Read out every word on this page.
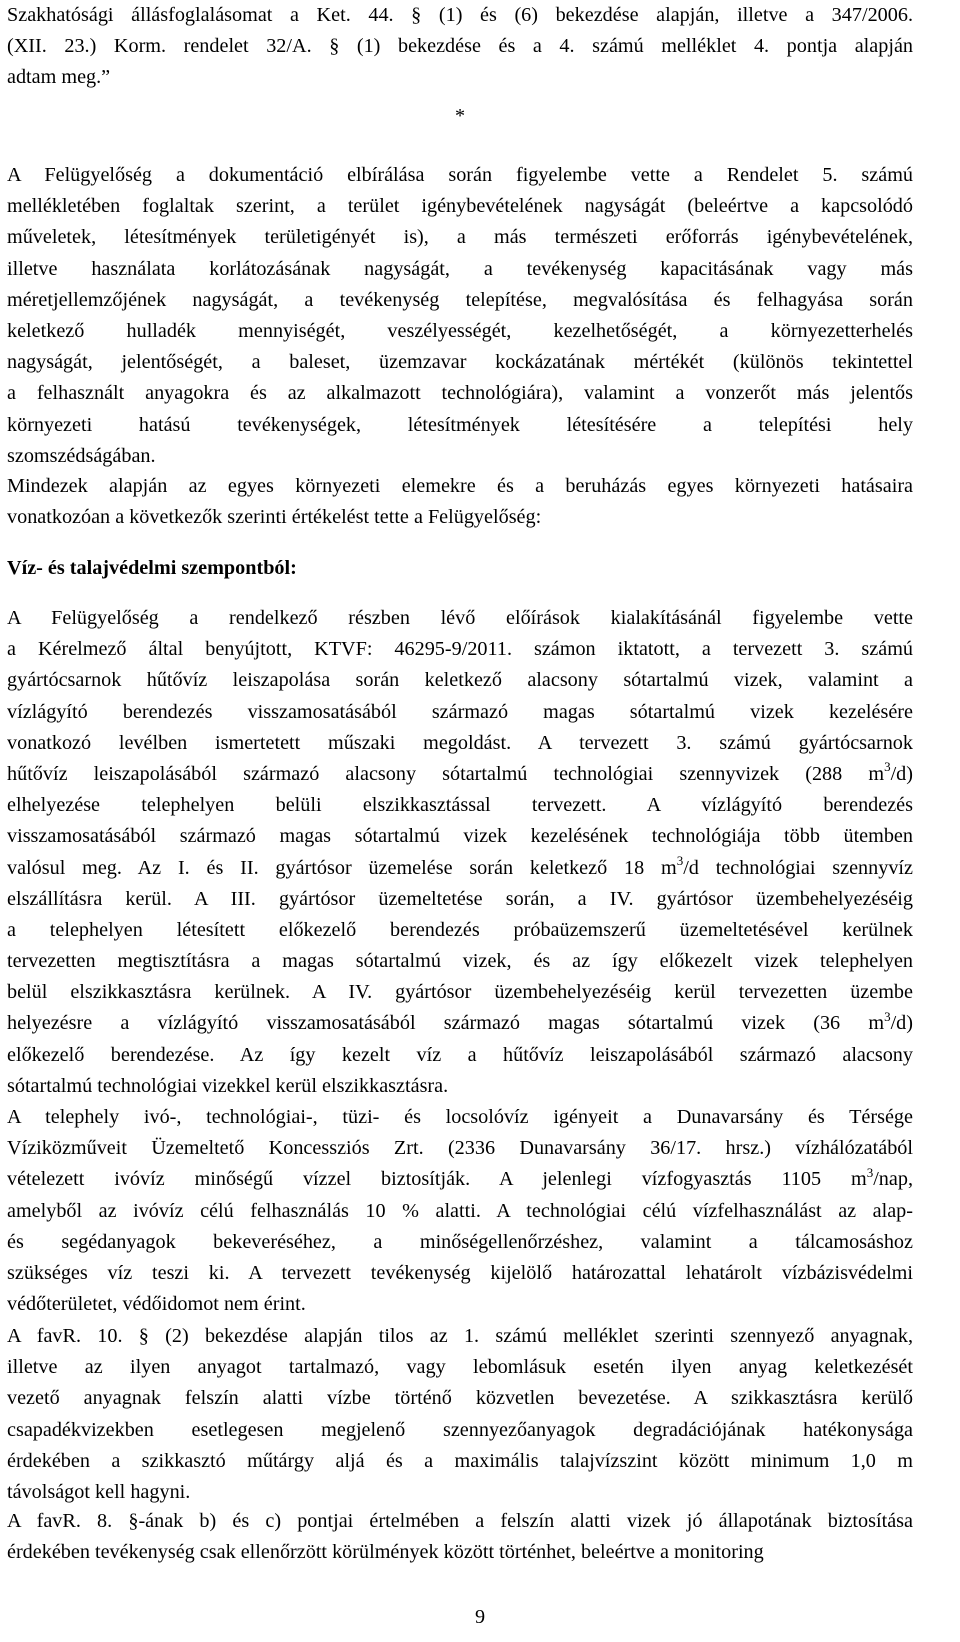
Szakhatósági állásfoglalásomat a Ket. 44. § (1) és (6) bekezdése alapján, illetve a 347/2006.
(XII. 23.) Korm. rendelet 32/A. § (1) bekezdése és a 4. számú melléklet 4. pontja alapján
adtam meg.”

*

A Felügyelőség a dokumentáció elbírálása során figyelembe vette a Rendelet 5. számú
mellékletében foglaltak szerint, a terület igénybevételének nagyságát (beleértve a kapcsolódó
műveletek, létesítmények területigényét is), a más természeti erőforrás igénybevételének,
illetve használata korlátozásának nagyságát, a tevékenység kapacitásának vagy más
méretjellemzőjének nagyságát, a tevékenység telepítése, megvalósítása és felhagyása során
keletkező hulladék mennyiségét, veszélyességét, kezelhetőségét, a környezetterhelés
nagyságát, jelentőségét, a baleset, üzemzavar kockázatának mértékét (különös tekintettel
a felhasznált anyagokra és az alkalmazott technológiára), valamint a vonzerőt más jelentős
környezeti hatású tevékenységek, létesítmények létesítésére a telepítési hely
szomszédságában.

Mindezek alapján az egyes környezeti elemekre és a beruházás egyes környezeti hatásaira
vonatkozóan a következők szerinti értékelést tette a Felügyelőség:

Víz- és talajvédelmi szempontból:

A Felügyelőség a rendelkező részben lévő előírások kialakításánál figyelembe vette
a Kérelmező által benyújtott, KTVF: 46295-9/2011. számon iktatott, a tervezett 3. számú
gyártócsarnok hűtővíz leiszapolása során keletkező alacsony sótartalmú vizek, valamint a
vízlágyító berendezés visszamosatásából származó magas sótartalmú vizek kezelésére
vonatkozó levélben ismertetett műszaki megoldást. A tervezett 3. számú gyártócsarnok
hűtővíz leiszapolásából származó alacsony sótartalmú technológiai szennyvizek (288 $m^3/d$)
elhelyezése telephelyen belüli elszikkasztással tervezett. A vízlágyító berendezés
visszamosatásából származó magas sótartalmú vizek kezelésének technológiája több ütemben
valósul meg. Az I. és II. gyártósor üzemelése során keletkező 18 $m^3/d$ technológiai szennyvíz
elszállításra kerül. A III. gyártósor üzemeltetése során, a IV. gyártósor üzembehelyezéséig
a telephelyen létesített előkezelő berendezés próbaüzemszerű üzemeltetésével kerülnek
tervezetten megtisztításra a magas sótartalmú vizek, és az így előkezelt vizek telephelyen
belül elszikkasztásra kerülnek. A IV. gyártósor üzembehelyezéséig kerül tervezetten üzembe
helyezésre a vízlágyító visszamosatásából származó magas sótartalmú vizek (36 $m^3/d$)
előkezelő berendezése. Az így kezelt víz a hűtővíz leiszapolásából származó alacsony
sótartalmú technológiai vizekkel kerül elszikkasztásra.

A telephely ivó-, technológiai-, tüzi- és locsolóvíz igényeit a Dunavarsány és Térsége
Víziközműveit Üzemeltető Koncessziós Zrt. (2336 Dunavarsány 36/17. hrsz.) vízhálózatából
vételezett ivóvíz minőségű vízzel biztosítják. A jelenlegi vízfogyasztás 1105 $m^3$/nap,
amelyből az ivóvíz célú felhasználás 10 % alatti. A technológiai célú vízfelhasználást az alap-
és segédanyagok bekeveréséhez, a minőségellenőrzéshez, valamint a tálcamosáshoz
szükséges víz teszi ki. A tervezett tevékenység kijelölő határozattal lehatárolt vízbázisvédelmi
védőterületet, védőidomot nem érint.

A favR. 10. § (2) bekezdése alapján tilos az 1. számú melléklet szerinti szennyező anyagnak,
illetve az ilyen anyagot tartalmazó, vagy lebomlásuk esetén ilyen anyag keletkezését
vezető anyagnak felszín alatti vízbe történő közvetlen bevezetése. A szikkasztásra kerülő
csapadékvizekben esetlegesen megjelenő szennyezőanyagok degradációjának hatékonysága
érdekében a szikkasztó műtárgy aljá és a maximális talajvízszint között minimum 1,0 m
távolságot kell hagyni.

A favR. 8. §-ának b) és c) pontjai értelmében a felszín alatti vizek jó állapotának biztosítása
érdekében tevékenység csak ellenőrzött körülmények között történhet, beleértve a monitoring

9
